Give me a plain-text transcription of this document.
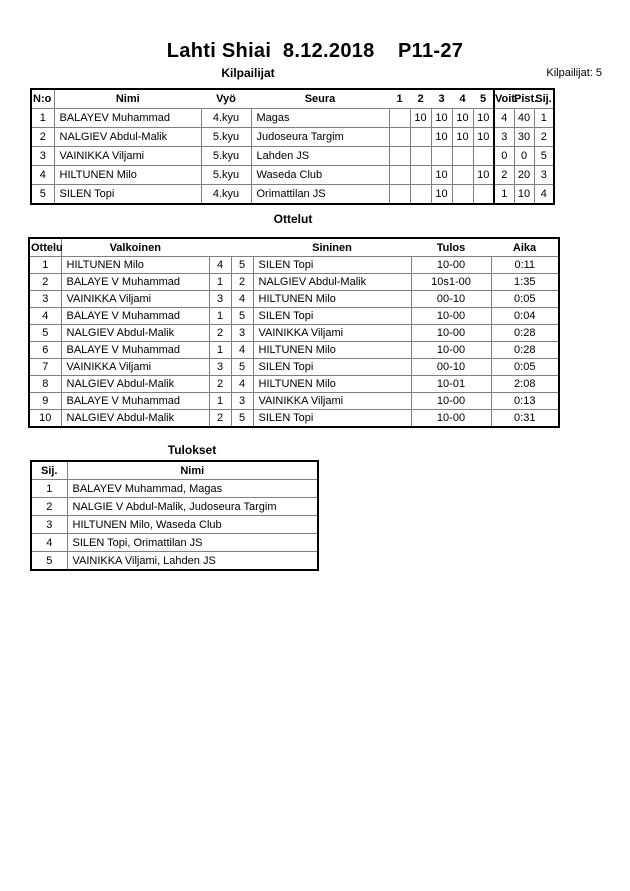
Lahti Shiai  8.12.2018    P11-27
Kilpailijat	Kilpailijat: 5
N:o	Nimi	Vyö	Seura	1	2	3	4	5	Voit.	Pist.	Sij.
1	BALAYEV Muhammad	4.kyu	Magas		10	10	10	10	4	40	1
2	NALGIEV Abdul-Malik	5.kyu	Judoseura Targim			10	10	10	3	30	2
3	VAINIKKA Viljami	5.kyu	Lahden JS						0	0	5
4	HILTUNEN Milo	5.kyu	Waseda Club			10		10	2	20	3
5	SILEN Topi	4.kyu	Orimattilan JS			10			1	10	4
Ottelut
Ottelu	Valkoinen			Sininen	Tulos	Aika
1	HILTUNEN Milo	4	5	SILEN Topi	10-00	0:11
2	BALAYE V Muhammad	1	2	NALGIEV Abdul-Malik	10s1-00	1:35
3	VAINIKKA Viljami	3	4	HILTUNEN Milo	00-10	0:05
4	BALAYE V Muhammad	1	5	SILEN Topi	10-00	0:04
5	NALGIEV Abdul-Malik	2	3	VAINIKKA Viljami	10-00	0:28
6	BALAYE V Muhammad	1	4	HILTUNEN Milo	10-00	0:28
7	VAINIKKA Viljami	3	5	SILEN Topi	00-10	0:05
8	NALGIEV Abdul-Malik	2	4	HILTUNEN Milo	10-01	2:08
9	BALAYE V Muhammad	1	3	VAINIKKA Viljami	10-00	0:13
10	NALGIEV Abdul-Malik	2	5	SILEN Topi	10-00	0:31
Tulokset
Sij.	Nimi
1	BALAYEV Muhammad, Magas
2	NALGIE V Abdul-Malik, Judoseura Targim
3	HILTUNEN Milo, Waseda Club
4	SILEN Topi, Orimattilan JS
5	VAINIKKA Viljami, Lahden JS
